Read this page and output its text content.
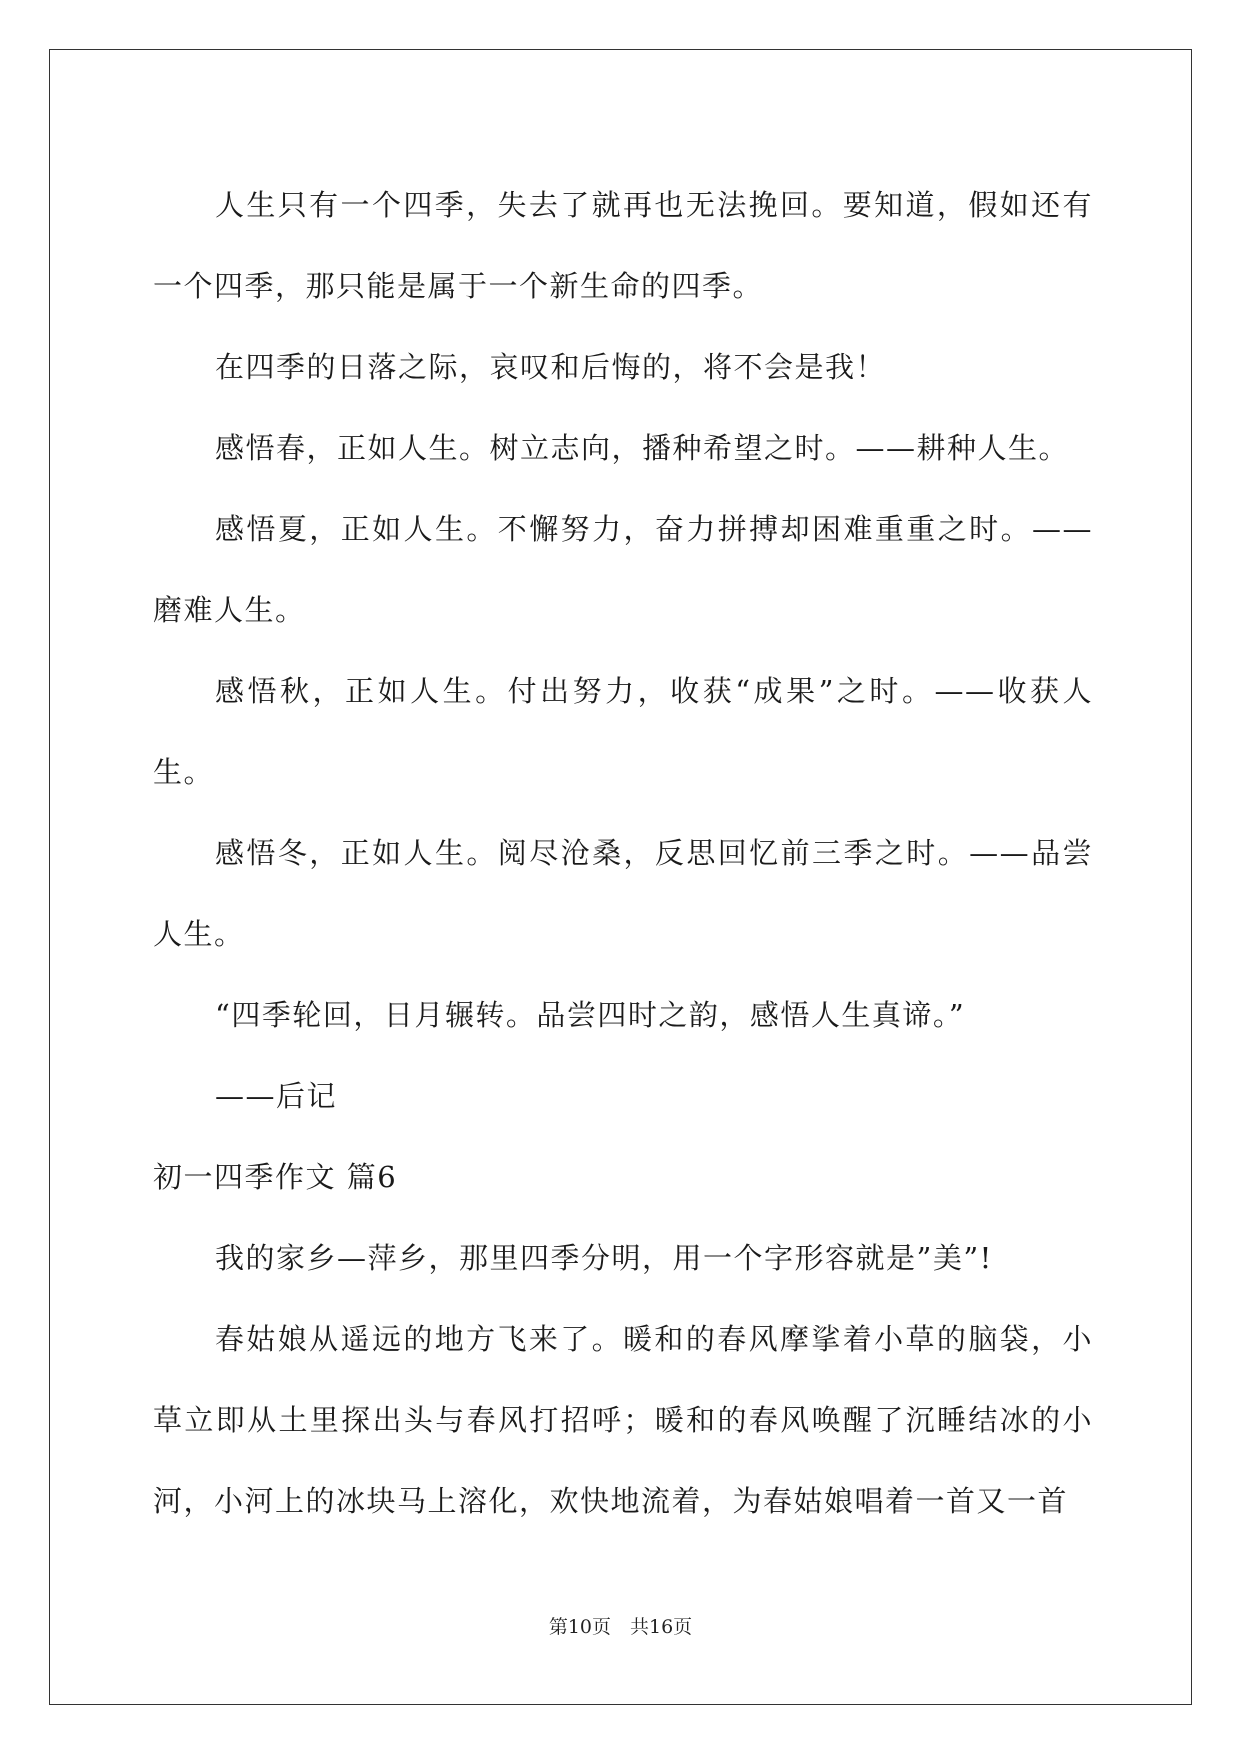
人生只有一个四季，失去了就再也无法挽回。要知道，假如还有一个四季，那只能是属于一个新生命的四季。

在四季的日落之际，哀叹和后悔的，将不会是我！

感悟春，正如人生。树立志向，播种希望之时。——耕种人生。

感悟夏，正如人生。不懈努力，奋力拼搏却困难重重之时。——磨难人生。

感悟秋，正如人生。付出努力，收获“成果”之时。——收获人生。

感悟冬，正如人生。阅尽沧桑，反思回忆前三季之时。——品尝人生。

“四季轮回，日月辗转。品尝四时之韵，感悟人生真谛。”

——后记

初一四季作文 篇6

我的家乡—萍乡，那里四季分明，用一个字形容就是”美”!

春姑娘从遥远的地方飞来了。暖和的春风摩挲着小草的脑袋，小草立即从土里探出头与春风打招呼；暖和的春风唤醒了沉睡结冰的小河，小河上的冰块马上溶化，欢快地流着，为春姑娘唱着一首又一首

第10页　共16页
